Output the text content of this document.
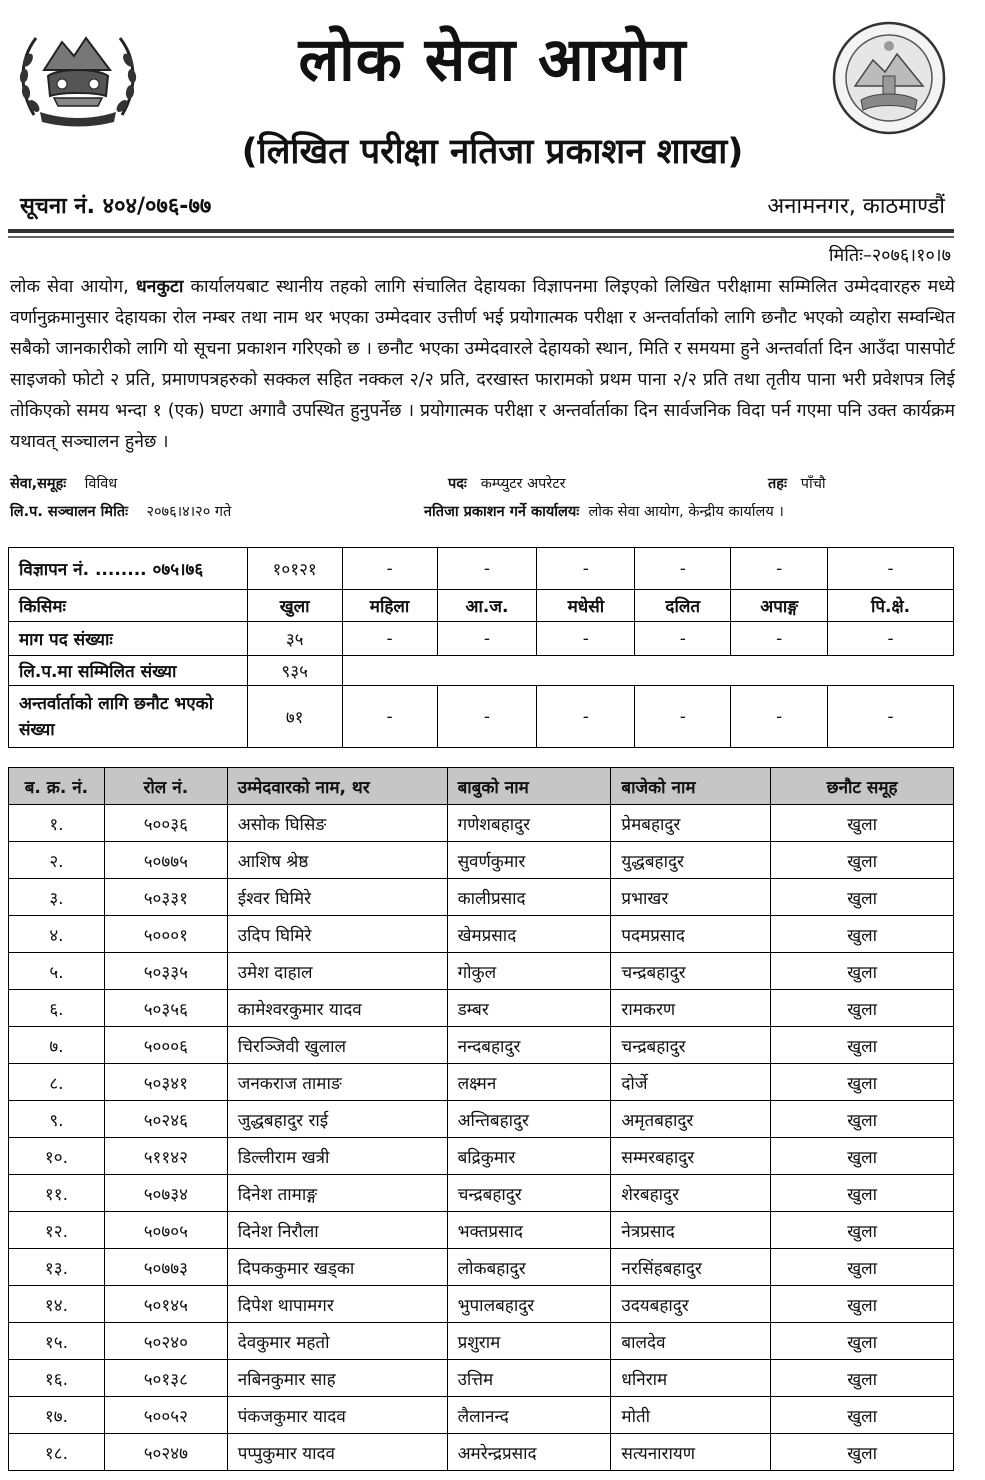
लोक सेवा आयोग
(लिखित परीक्षा नतिजा प्रकाशन शाखा)
सूचना नं. ४०४/०७६-७७	अनामनगर, काठमाण्डौं
मितिः–२०७६।१०।७
लोक सेवा आयोग, धनकुटा कार्यालयबाट स्थानीय तहको लागि संचालित देहायका विज्ञापनमा लिइएको लिखित परीक्षामा सम्मिलित उम्मेदवारहरु मध्ये वर्णानुक्रमानुसार देहायका रोल नम्बर तथा नाम थर भएका उम्मेदवार उत्तीर्ण भई प्रयोगात्मक परीक्षा र अन्तर्वार्ताको लागि छनौट भएको व्यहोरा सम्वन्धित सबैको जानकारीको लागि यो सूचना प्रकाशन गरिएको छ । छनौट भएका उम्मेदवारले देहायको स्थान, मिति र समयमा हुने अन्तर्वार्ता दिन आउँदा पासपोर्ट साइजको फोटो २ प्रति, प्रमाणपत्रहरुको सक्कल सहित नक्कल २/२ प्रति, दरखास्त फारामको प्रथम पाना २/२ प्रति तथा तृतीय पाना भरी प्रवेशपत्र लिई तोकिएको समय भन्दा १ (एक) घण्टा अगावै उपस्थित हुनुपर्नेछ । प्रयोगात्मक परीक्षा र अन्तर्वार्ताका दिन सार्वजनिक विदा पर्न गएमा पनि उक्त कार्यक्रम यथावत् सञ्चालन हुनेछ ।
सेवा,समूहः विविध	पदः कम्प्युटर अपरेटर	तहः पाँचौ
लि.प. सञ्चालन मितिः २०७६।४।२० गते	नतिजा प्रकाशन गर्ने कार्यालयः लोक सेवा आयोग, केन्द्रीय कार्यालय ।
विज्ञापन नं. ........ ०७५।७६	१०१२१	-	-	-	-	-	-
किसिमः	खुला	महिला	आ.ज.	मधेसी	दलित	अपाङ्ग	पि.क्षे.
माग पद संख्याः	३५	-	-	-	-	-	-
लि.प.मा सम्मिलित संख्या	९३५						
अन्तर्वार्ताको लागि छनौट भएको संख्या	७१	-	-	-	-	-	-
ब. क्र. नं.	रोल नं.	उम्मेदवारको नाम, थर	बाबुको नाम	बाजेको नाम	छनौट समूह
१.	५००३६	असोक घिसिङ	गणेशबहादुर	प्रेमबहादुर	खुला
२.	५०७७५	आशिष श्रेष्ठ	सुवर्णकुमार	युद्धबहादुर	खुला
३.	५०३३१	ईश्वर घिमिरे	कालीप्रसाद	प्रभाखर	खुला
४.	५०००१	उदिप घिमिरे	खेमप्रसाद	पदमप्रसाद	खुला
५.	५०३३५	उमेश दाहाल	गोकुल	चन्द्रबहादुर	खुला
६.	५०३५६	कामेश्वरकुमार यादव	डम्बर	रामकरण	खुला
७.	५०००६	चिरञ्जिवी खुलाल	नन्दबहादुर	चन्द्रबहादुर	खुला
८.	५०३४१	जनकराज तामाङ	लक्ष्मन	दोर्जे	खुला
९.	५०२४६	जुद्धबहादुर राई	अन्तिबहादुर	अमृतबहादुर	खुला
१०.	५११४२	डिल्लीराम खत्री	बद्रिकुमार	सम्मरबहादुर	खुला
११.	५०७३४	दिनेश तामाङ्ग	चन्द्रबहादुर	शेरबहादुर	खुला
१२.	५०७०५	दिनेश निरौला	भक्तप्रसाद	नेत्रप्रसाद	खुला
१३.	५०७७३	दिपककुमार खड्का	लोकबहादुर	नरसिंहबहादुर	खुला
१४.	५०१४५	दिपेश थापामगर	भुपालबहादुर	उदयबहादुर	खुला
१५.	५०२४०	देवकुमार महतो	प्रशुराम	बालदेव	खुला
१६.	५०१३८	नबिनकुमार साह	उत्तिम	धनिराम	खुला
१७.	५००५२	पंकजकुमार यादव	लैलानन्द	मोती	खुला
१८.	५०२४७	पप्पुकुमार यादव	अमरेन्द्रप्रसाद	सत्यनारायण	खुला
